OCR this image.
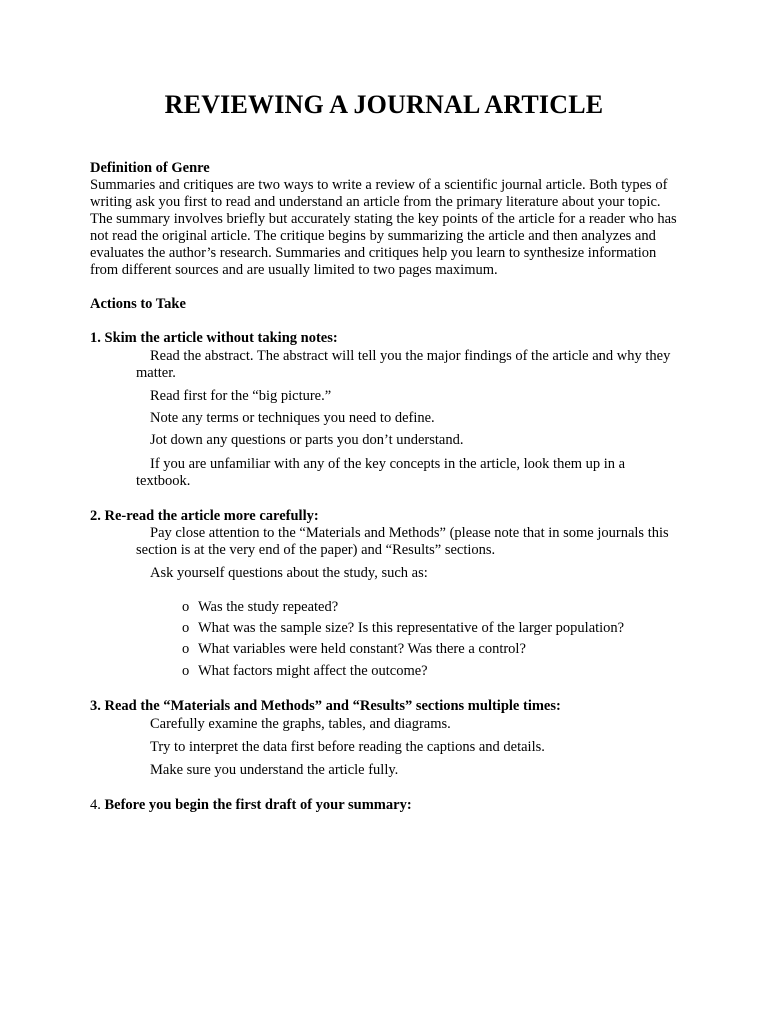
REVIEWING A JOURNAL ARTICLE
Definition of Genre
Summaries and critiques are two ways to write a review of a scientific journal article. Both types of
writing ask you first to read and understand an article from the primary literature about your topic.
The summary involves briefly but accurately stating the key points of the article for a reader who has
not read the original article. The critique begins by summarizing the article and then analyzes and
evaluates the author’s research. Summaries and critiques help you learn to synthesize information
from different sources and are usually limited to two pages maximum.
Actions to Take
1. Skim the article without taking notes:
Read the abstract. The abstract will tell you the major findings of the article and why they
matter.
Read first for the “big picture.”
Note any terms or techniques you need to define.
Jot down any questions or parts you don’t understand.
If you are unfamiliar with any of the key concepts in the article, look them up in a
textbook.
2. Re-read the article more carefully:
Pay close attention to the “Materials and Methods” (please note that in some journals this
section is at the very end of the paper) and “Results” sections.
Ask yourself questions about the study, such as:
o Was the study repeated?
o What was the sample size? Is this representative of the larger population?
o What variables were held constant? Was there a control?
o What factors might affect the outcome?
3. Read the “Materials and Methods” and “Results” sections multiple times:
Carefully examine the graphs, tables, and diagrams.
Try to interpret the data first before reading the captions and details.
Make sure you understand the article fully.
4. Before you begin the first draft of your summary:
